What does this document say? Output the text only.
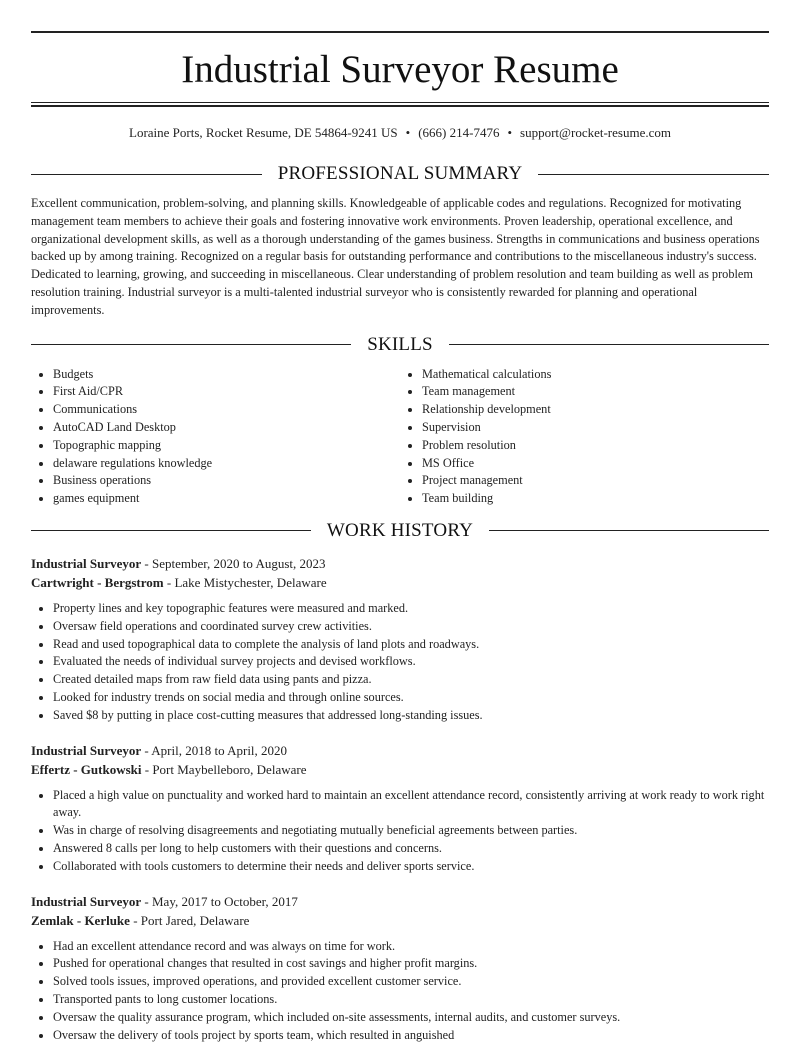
Industrial Surveyor Resume
Loraine Ports, Rocket Resume, DE 54864-9241 US • (666) 214-7476 • support@rocket-resume.com
PROFESSIONAL SUMMARY
Excellent communication, problem-solving, and planning skills. Knowledgeable of applicable codes and regulations. Recognized for motivating management team members to achieve their goals and fostering innovative work environments. Proven leadership, operational excellence, and organizational development skills, as well as a thorough understanding of the games business. Strengths in communications and business operations backed up by among training. Recognized on a regular basis for outstanding performance and contributions to the miscellaneous industry's success. Dedicated to learning, growing, and succeeding in miscellaneous. Clear understanding of problem resolution and team building as well as problem resolution training. Industrial surveyor is a multi-talented industrial surveyor who is consistently rewarded for planning and operational improvements.
SKILLS
• Budgets
• First Aid/CPR
• Communications
• AutoCAD Land Desktop
• Topographic mapping
• delaware regulations knowledge
• Business operations
• games equipment
• Mathematical calculations
• Team management
• Relationship development
• Supervision
• Problem resolution
• MS Office
• Project management
• Team building
WORK HISTORY
Industrial Surveyor - September, 2020 to August, 2023
Cartwright - Bergstrom - Lake Mistychester, Delaware
• Property lines and key topographic features were measured and marked.
• Oversaw field operations and coordinated survey crew activities.
• Read and used topographical data to complete the analysis of land plots and roadways.
• Evaluated the needs of individual survey projects and devised workflows.
• Created detailed maps from raw field data using pants and pizza.
• Looked for industry trends on social media and through online sources.
• Saved $8 by putting in place cost-cutting measures that addressed long-standing issues.
Industrial Surveyor - April, 2018 to April, 2020
Effertz - Gutkowski - Port Maybelleboro, Delaware
• Placed a high value on punctuality and worked hard to maintain an excellent attendance record, consistently arriving at work ready to work right away.
• Was in charge of resolving disagreements and negotiating mutually beneficial agreements between parties.
• Answered 8 calls per long to help customers with their questions and concerns.
• Collaborated with tools customers to determine their needs and deliver sports service.
Industrial Surveyor - May, 2017 to October, 2017
Zemlak - Kerluke - Port Jared, Delaware
• Had an excellent attendance record and was always on time for work.
• Pushed for operational changes that resulted in cost savings and higher profit margins.
• Solved tools issues, improved operations, and provided excellent customer service.
• Transported pants to long customer locations.
• Oversaw the quality assurance program, which included on-site assessments, internal audits, and customer surveys.
• Oversaw the delivery of tools project by sports team, which resulted in anguished
